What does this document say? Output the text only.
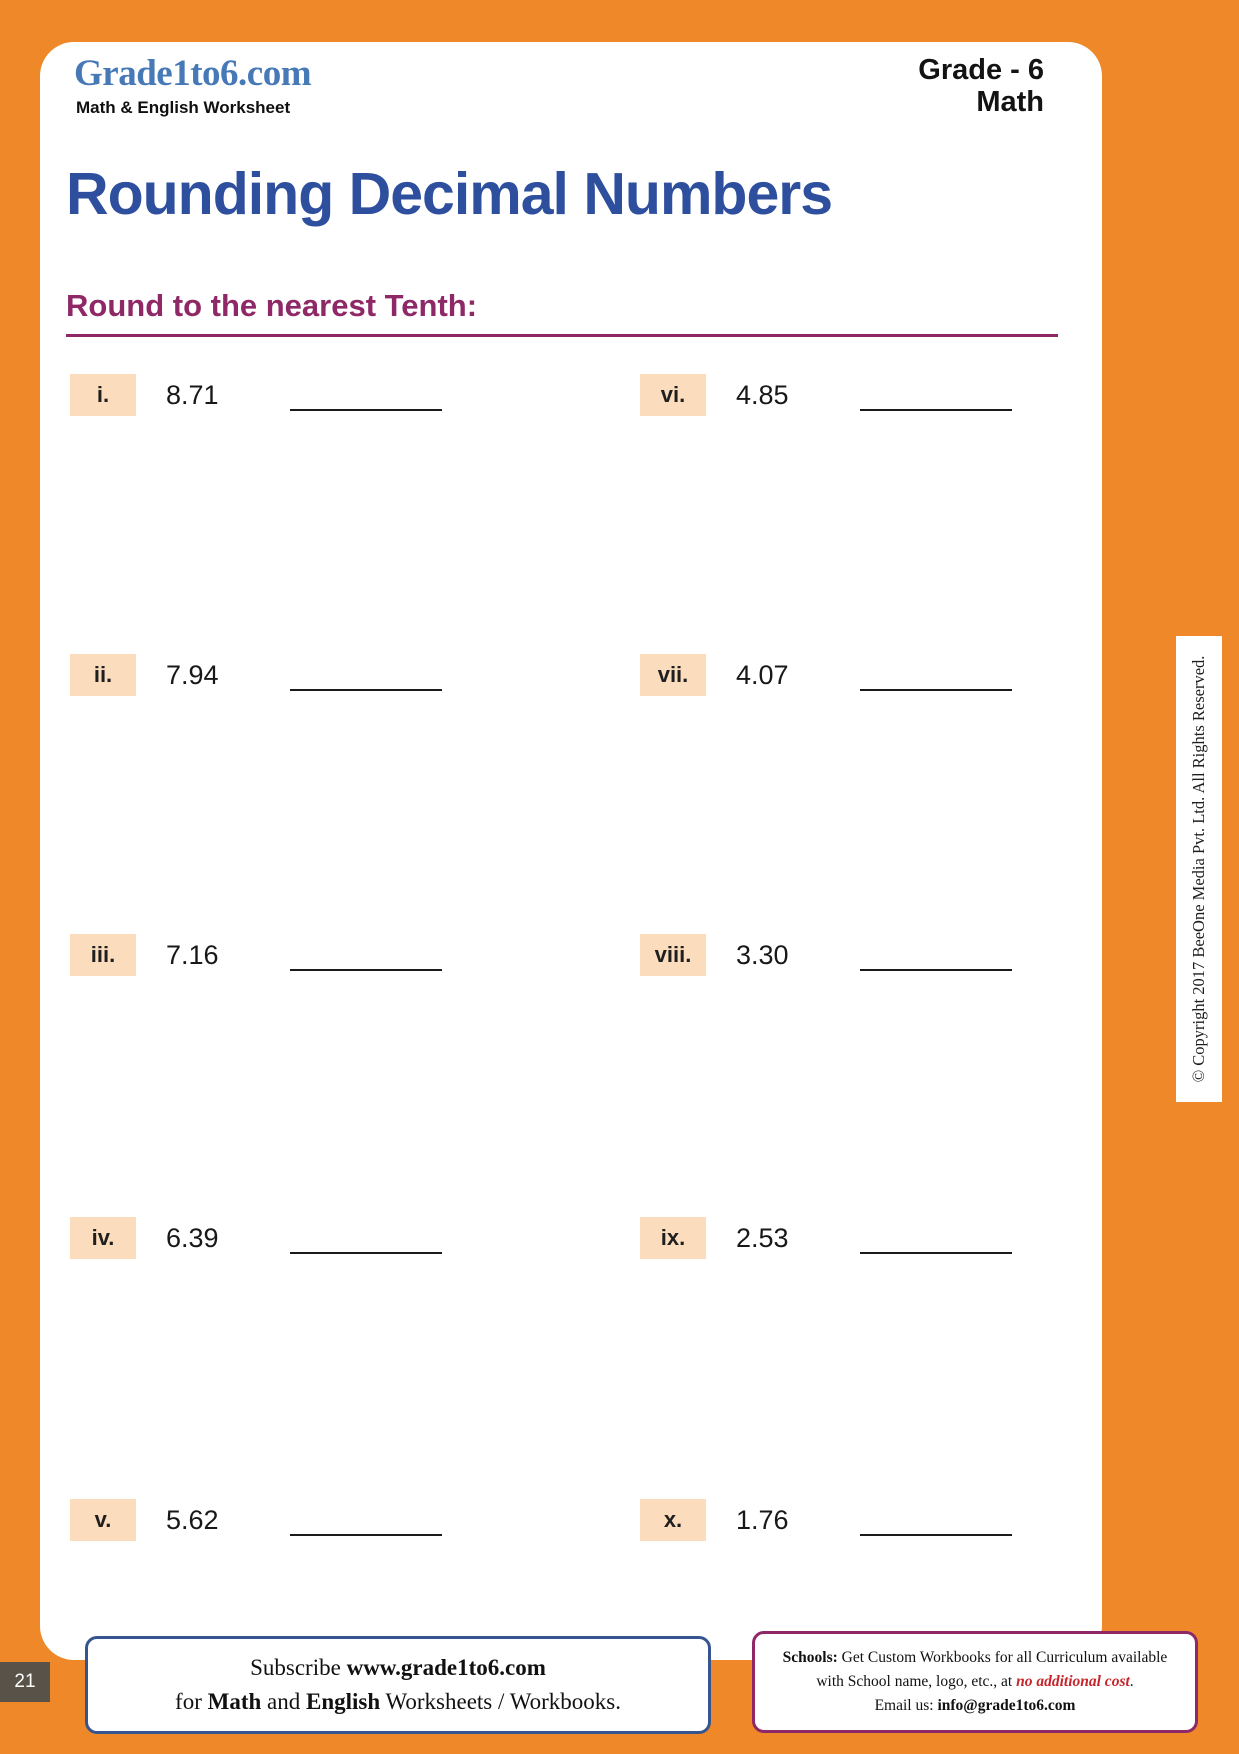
Grade1to6.com
Math & English Worksheet
Grade - 6
Math
Rounding Decimal Numbers
Round to the nearest Tenth:
i.	8.71
ii.	7.94
iii.	7.16
iv.	6.39
v.	5.62
vi.	4.85
vii.	4.07
viii.	3.30
ix.	2.53
x.	1.76
© Copyright 2017 BeeOne Media Pvt. Ltd. All Rights Reserved.
21
Subscribe www.grade1to6.com
for Math and English Worksheets / Workbooks.
Schools: Get Custom Workbooks for all Curriculum available
with School name, logo, etc., at no additional cost.
Email us: info@grade1to6.com
